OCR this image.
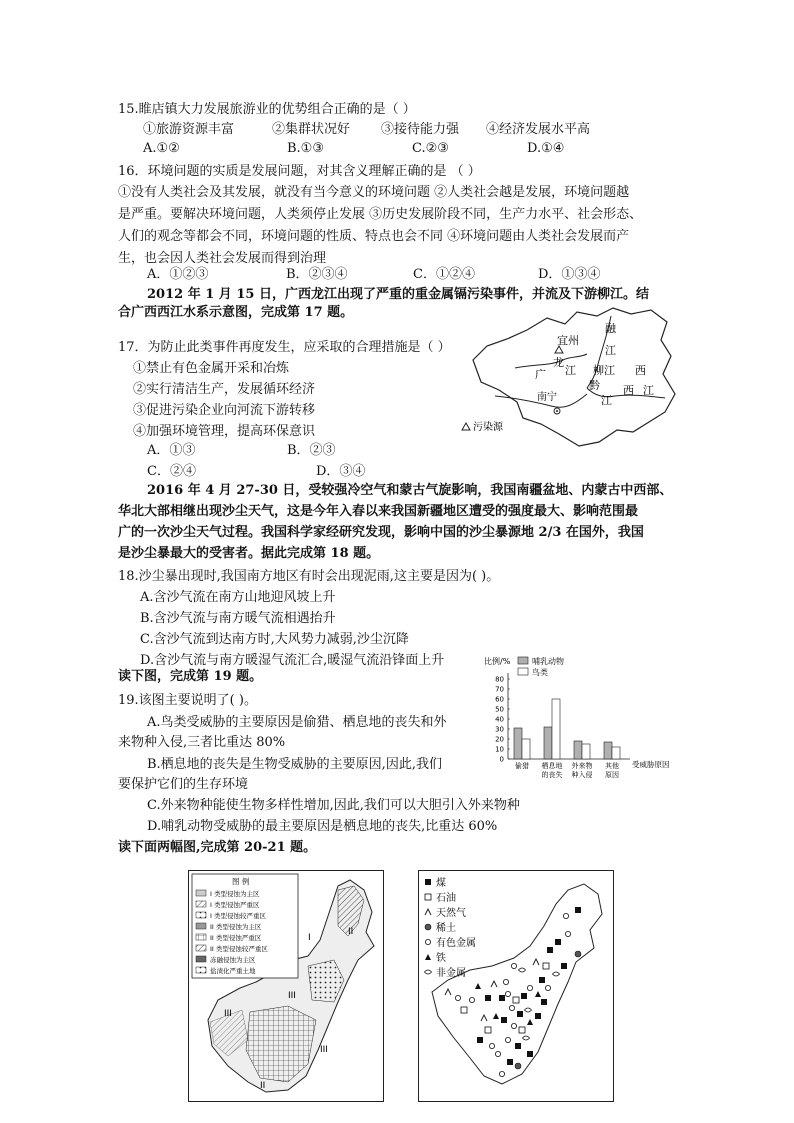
15.睢店镇大力发展旅游业的优势组合正确的是（ ）
①旅游资源丰富	②集群状况好 ③接待能力强 ④经济发展水平高
A.①②	B.①③	C.②③	D.①④
16．环境问题的实质是发展问题，对其含义理解正确的是 （ ）
①没有人类社会及其发展，就没有当今意义的环境问题 ②人类社会越是发展，环境问题越
是严重。要解决环境问题，人类须停止发展 ③历史发展阶段不同，生产力水平、社会形态、
人们的观念等都会不同，环境问题的性质、特点也会不同 ④环境问题由人类社会发展而产
生，也会因人类社会发展而得到治理
A．①②③	B．②③④	C．①②④	D．①③④
2012 年 1 月 15 日，广西龙江出现了严重的重金属镉污染事件，并流及下游柳江。结
合广西西江水系示意图，完成第 17 题。
17．为防止此类事件再度发生，应采取的合理措施是（ ）
①禁止有色金属开采和冶炼
②实行清洁生产，发展循环经济
③促进污染企业向河流下游转移
④加强环境管理，提高环保意识
A．①③	B．②③
C．②④	D．③④
宜州
融
江
龙
江
广	柳江
黔
江
西
西 江
南宁
污染源
2016 年 4 月 27-30 日，受较强冷空气和蒙古气旋影响，我国南疆盆地、内蒙古中西部、
华北大部相继出现沙尘天气，这是今年入春以来我国新疆地区遭受的强度最大、影响范围最
广的一次沙尘天气过程。我国科学家经研究发现，影响中国的沙尘暴源地 2/3 在国外，我国
是沙尘暴最大的受害者。据此完成第 18 题。
18.沙尘暴出现时,我国南方地区有时会出现泥雨,这主要是因为( )。
A.含沙气流在南方山地迎风坡上升
B.含沙气流与南方暖气流相遇抬升
C.含沙气流到达南方时,大风势力减弱,沙尘沉降
D.含沙气流与南方暖湿气流汇合,暖湿气流沿锋面上升
读下图，完成第 19 题。
19.该图主要说明了( )。
A.鸟类受威胁的主要原因是偷猎、栖息地的丧失和外
来物种入侵,三者比重达 80%
B.栖息地的丧失是生物受威胁的主要原因,因此,我们
要保护它们的生存环境
C.外来物种能使生物多样性增加,因此,我们可以大胆引入外来物种
D.哺乳动物受威胁的最主要原因是栖息地的丧失,比重达 60%
读下面两幅图,完成第 20-21 题。
比例/%
0
10
20
30
40
50
60
70
80
偷猎 栖息地
的丧失
外来物
种入侵
其他
原因
受威胁原因
哺乳动物
鸟类
I
II
III
III
II
III
图 例
I 类型侵蚀为主区
I 类型侵蚀严重区
I 类型侵蚀较严重区
II 类型侵蚀为主区
II 类型侵蚀严重区
II 类型侵蚀较严重区
冻融侵蚀为主区
盐渍化严重土地
煤
石油
天然气
稀土
有色金属
铁
非金属
